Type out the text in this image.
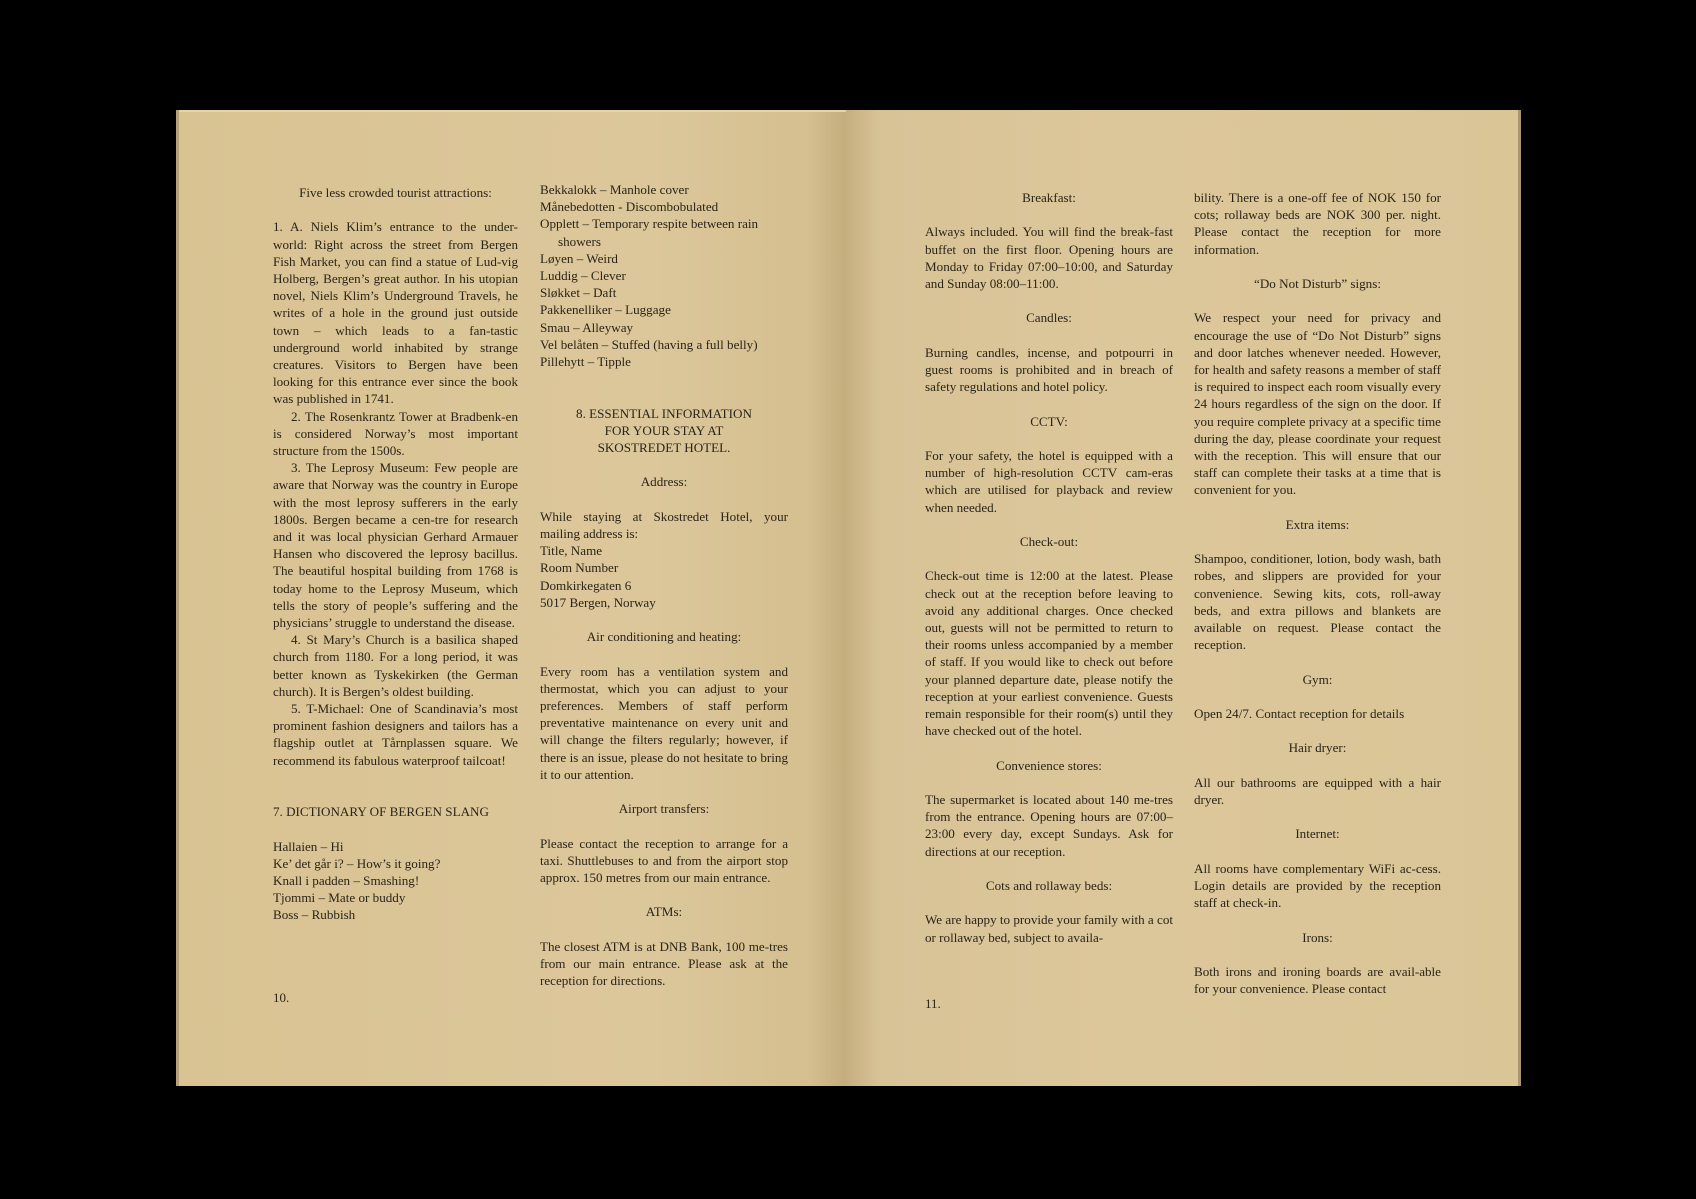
Five less crowded tourist attractions:

1. A. Niels Klim’s entrance to the under-world: Right across the street from Bergen Fish Market, you can find a statue of Lud-vig Holberg, Bergen’s great author. In his utopian novel, Niels Klim’s Underground Travels, he writes of a hole in the ground just outside town – which leads to a fan-tastic underground world inhabited by strange creatures. Visitors to Bergen have been looking for this entrance ever since the book was published in 1741.

2. The Rosenkrantz Tower at Bradbenk-en is considered Norway’s most important structure from the 1500s.

3. The Leprosy Museum: Few people are aware that Norway was the country in Europe with the most leprosy sufferers in the early 1800s. Bergen became a cen-tre for research and it was local physician Gerhard Armauer Hansen who discovered the leprosy bacillus. The beautiful hospital building from 1768 is today home to the Leprosy Museum, which tells the story of people’s suffering and the physicians’ struggle to understand the disease.

4. St Mary’s Church is a basilica shaped church from 1180. For a long period, it was better known as Tyskekirken (the German church). It is Bergen’s oldest building.

5. T-Michael: One of Scandinavia’s most prominent fashion designers and tailors has a flagship outlet at Tårnplassen square. We recommend its fabulous waterproof tailcoat!

7. DICTIONARY OF BERGEN SLANG

Hallaien – Hi

Ke’ det går i? – How’s it going?

Knall i padden – Smashing!

Tjommi – Mate or buddy

Boss – Rubbish

Bekkalokk – Manhole cover

Månebedotten - Discombobulated

Opplett – Temporary respite between rain showers

Løyen – Weird

Luddig – Clever

Sløkket – Daft

Pakkenelliker – Luggage

Smau – Alleyway

Vel belåten – Stuffed (having a full belly)

Pillehytt – Tipple

8. ESSENTIAL INFORMATION

FOR YOUR STAY AT

SKOSTREDET HOTEL.

Address:

While staying at Skostredet Hotel, your mailing address is:

Title, Name

Room Number

Domkirkegaten 6

5017 Bergen, Norway

Air conditioning and heating:

Every room has a ventilation system and thermostat, which you can adjust to your preferences. Members of staff perform preventative maintenance on every unit and will change the filters regularly; however, if there is an issue, please do not hesitate to bring it to our attention.

Airport transfers:

Please contact the reception to arrange for a taxi. Shuttlebuses to and from the airport stop approx. 150 metres from our main entrance.

ATMs:

The closest ATM is at DNB Bank, 100 me-tres from our main entrance. Please ask at the reception for directions.

10.

Breakfast:

Always included. You will find the break-fast buffet on the first floor. Opening hours are Monday to Friday 07:00–10:00, and Saturday and Sunday 08:00–11:00.

Candles:

Burning candles, incense, and potpourri in guest rooms is prohibited and in breach of safety regulations and hotel policy.

CCTV:

For your safety, the hotel is equipped with a number of high-resolution CCTV cam-eras which are utilised for playback and review when needed.

Check-out:

Check-out time is 12:00 at the latest. Please check out at the reception before leaving to avoid any additional charges. Once checked out, guests will not be permitted to return to their rooms unless accompanied by a member of staff. If you would like to check out before your planned departure date, please notify the reception at your earliest convenience. Guests remain responsible for their room(s) until they have checked out of the hotel.

Convenience stores:

The supermarket is located about 140 me-tres from the entrance. Opening hours are 07:00–23:00 every day, except Sundays. Ask for directions at our reception.

Cots and rollaway beds:

We are happy to provide your family with a cot or rollaway bed, subject to availa-

bility. There is a one-off fee of NOK 150 for cots; rollaway beds are NOK 300 per. night. Please contact the reception for more information.

“Do Not Disturb” signs:

We respect your need for privacy and encourage the use of “Do Not Disturb” signs and door latches whenever needed. However, for health and safety reasons a member of staff is required to inspect each room visually every 24 hours regardless of the sign on the door. If you require complete privacy at a specific time during the day, please coordinate your request with the reception. This will ensure that our staff can complete their tasks at a time that is convenient for you.

Extra items:

Shampoo, conditioner, lotion, body wash, bath robes, and slippers are provided for your convenience. Sewing kits, cots, roll-away beds, and extra pillows and blankets are available on request. Please contact the reception.

Gym:

Open 24/7. Contact reception for details

Hair dryer:

All our bathrooms are equipped with a hair dryer.

Internet:

All rooms have complementary WiFi ac-cess. Login details are provided by the reception staff at check-in.

Irons:

Both irons and ironing boards are avail-able for your convenience. Please contact

11.
